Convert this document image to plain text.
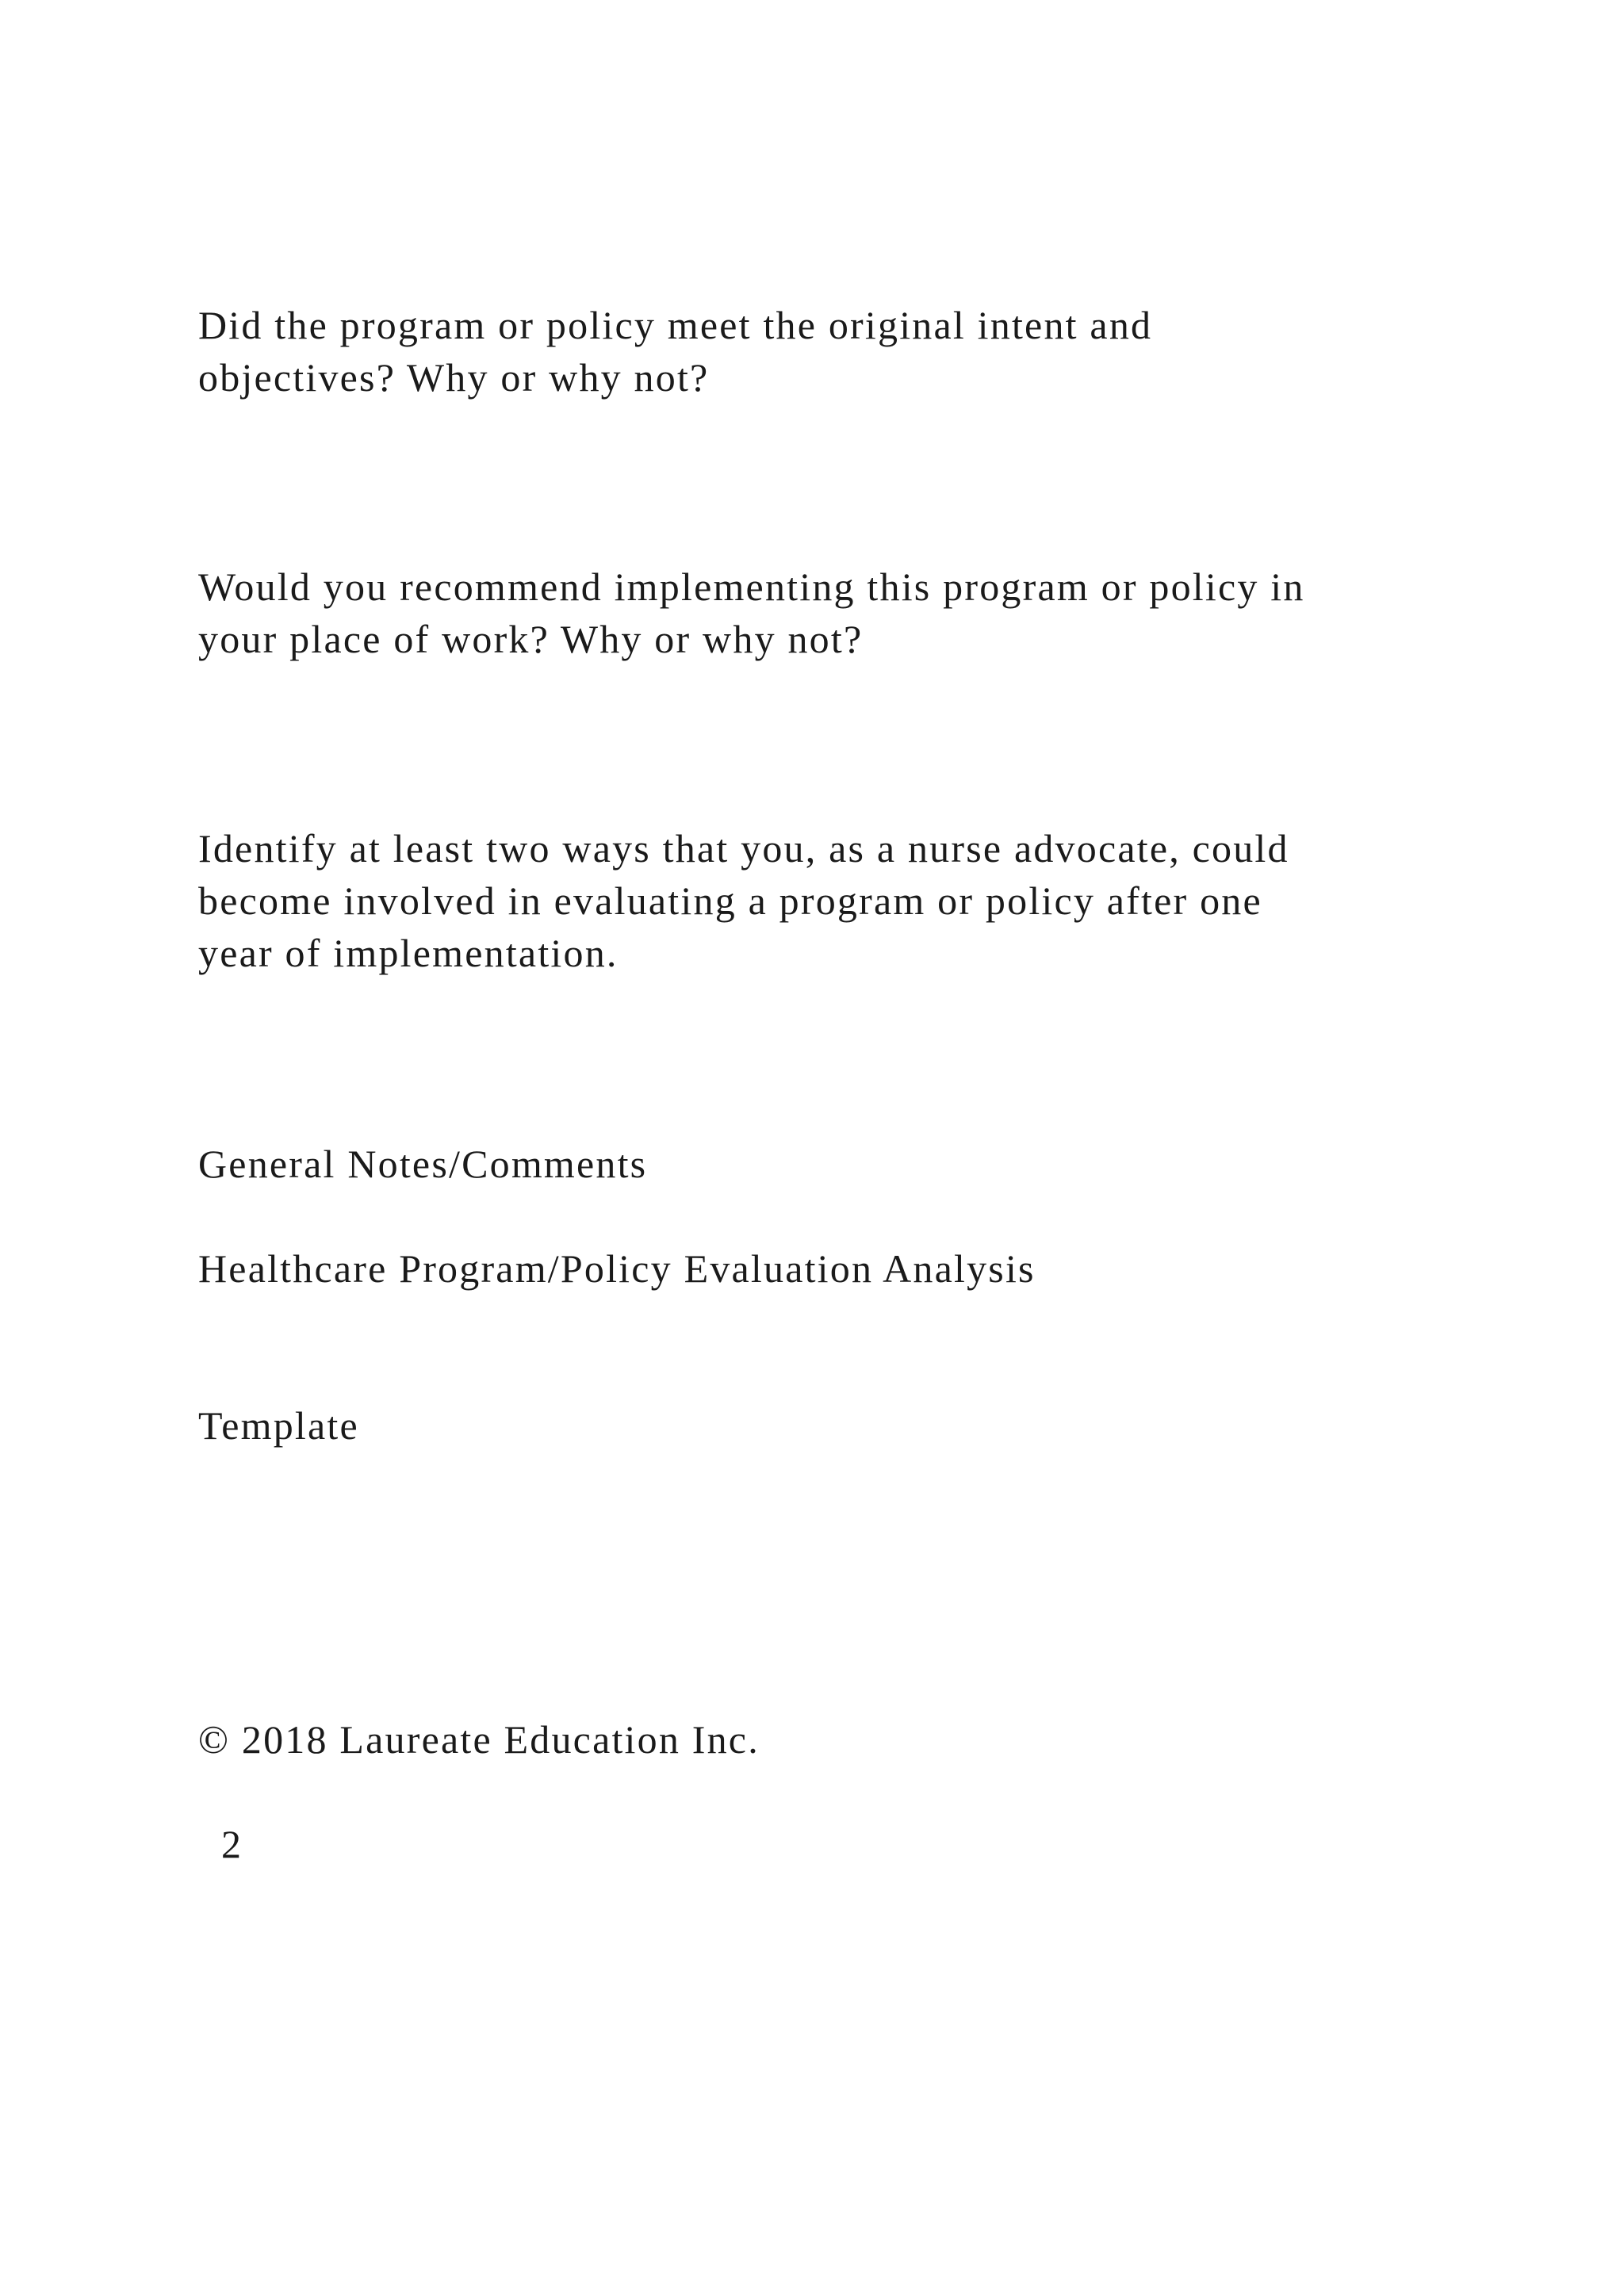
Did the program or policy meet the original intent and
objectives? Why or why not?
Would you recommend implementing this program or policy in
your place of work? Why or why not?
Identify at least two ways that you, as a nurse advocate, could
become involved in evaluating a program or policy after one
year of implementation.
General Notes/Comments
Healthcare Program/Policy Evaluation Analysis
Template
© 2018 Laureate Education Inc.
2
